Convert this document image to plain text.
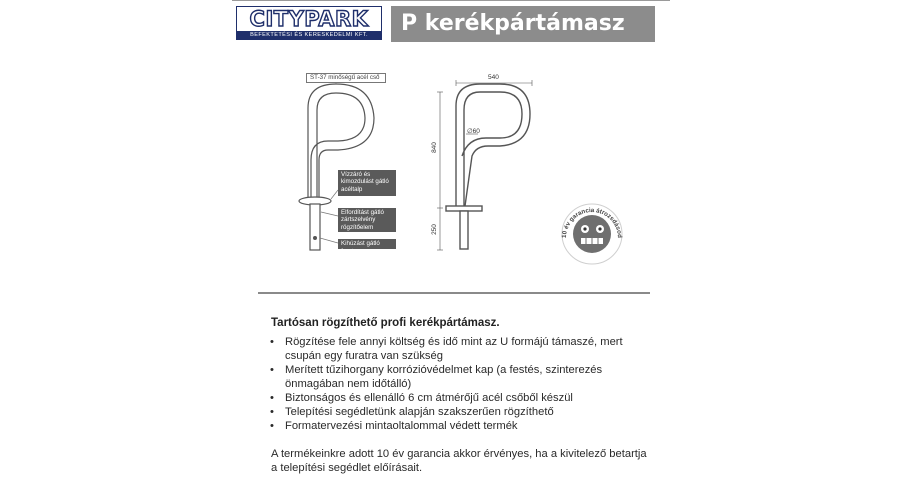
CITYPARK
BEFEKTETÉSI ÉS KERESKEDELMI KFT.	P kerékpártámasz
ST-37 minőségű acél cső
Vízzáró és kimozdulást gátló acéltalp
Elfordítást gátló zártszelvény rögzítőelem
Kihúzást gátló furat
540
840
∅60
250
10 év garancia átrozsdásod
Tartósan rögzíthető profi kerékpártámasz.
• Rögzítése fele annyi költség és idő mint az U formájú támaszé, mert csupán egy furatra van szükség
• Merített tűzihorgany korrózióvédelmet kap (a festés, szinterezés önmagában nem időtálló)
• Biztonságos és ellenálló 6 cm átmérőjű acél csőből készül
• Telepítési segédletünk alapján szakszerűen rögzíthető
• Formatervezési mintaoltalommal védett termék
A termékeinkre adott 10 év garancia akkor érvényes, ha a kivitelező betartja a telepítési segédlet előírásait.
